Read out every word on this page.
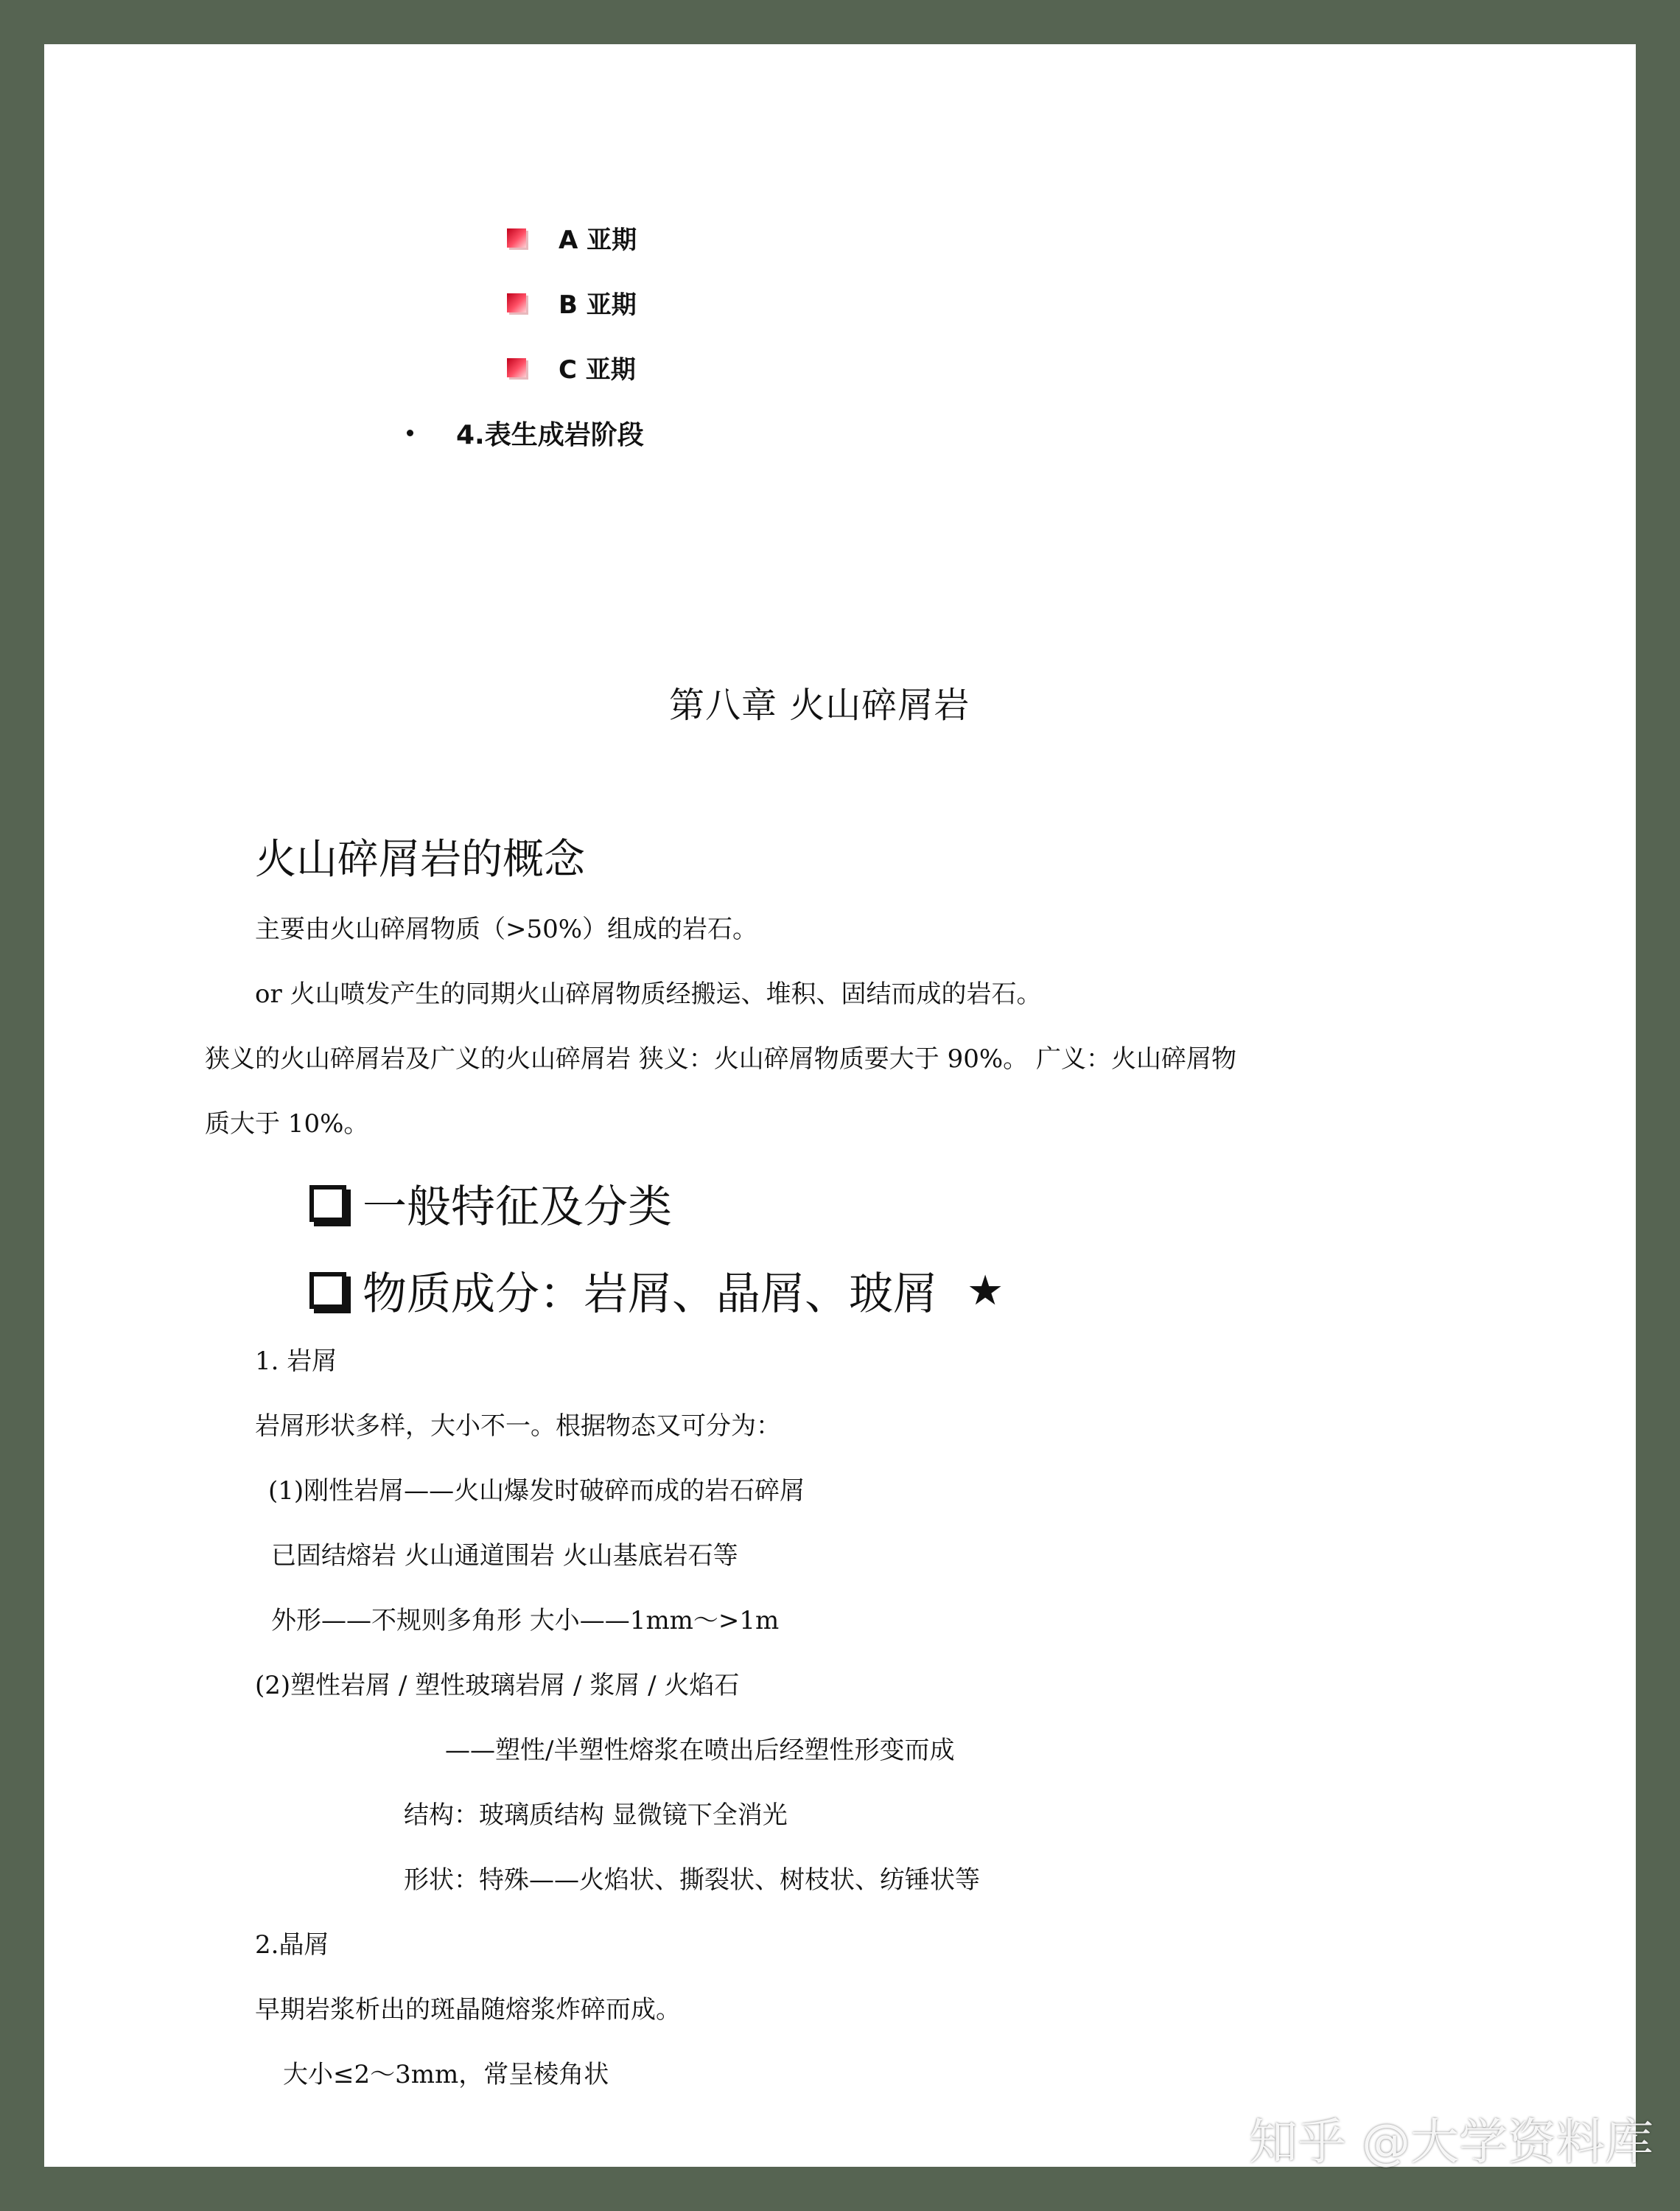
A 亚期
B 亚期
C 亚期
4.表生成岩阶段
第八章 火山碎屑岩
火山碎屑岩的概念
主要由火山碎屑物质（>50%）组成的岩石。
or 火山喷发产生的同期火山碎屑物质经搬运、堆积、固结而成的岩石。
狭义的火山碎屑岩及广义的火山碎屑岩 狭义：火山碎屑物质要大于 90%。 广义：火山碎屑物
质大于 10%。
一般特征及分类
物质成分：岩屑、晶屑、玻屑 ★
1. 岩屑
岩屑形状多样，大小不一。根据物态又可分为：
(1)刚性岩屑——火山爆发时破碎而成的岩石碎屑
已固结熔岩 火山通道围岩 火山基底岩石等
外形——不规则多角形 大小——1mm～>1m
(2)塑性岩屑 / 塑性玻璃岩屑 / 浆屑 / 火焰石
——塑性/半塑性熔浆在喷出后经塑性形变而成
结构：玻璃质结构 显微镜下全消光
形状：特殊——火焰状、撕裂状、树枝状、纺锤状等
2.晶屑
早期岩浆析出的斑晶随熔浆炸碎而成。
大小≤2～3mm，常呈棱角状
知乎 @大学资料库
